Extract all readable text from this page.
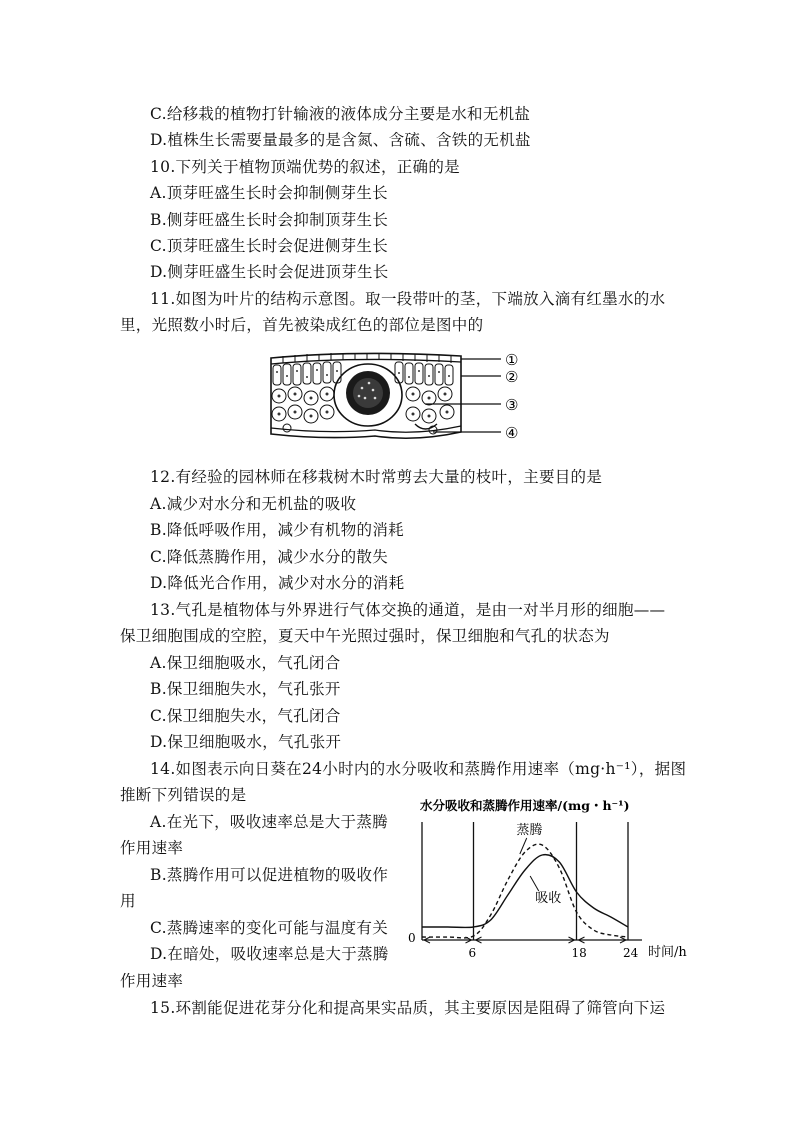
C.给移栽的植物打针输液的液体成分主要是水和无机盐
D.植株生长需要量最多的是含氮、含硫、含铁的无机盐
10.下列关于植物顶端优势的叙述，正确的是
A.顶芽旺盛生长时会抑制侧芽生长
B.侧芽旺盛生长时会抑制顶芽生长
C.顶芽旺盛生长时会促进侧芽生长
D.侧芽旺盛生长时会促进顶芽生长
11.如图为叶片的结构示意图。取一段带叶的茎，下端放入滴有红墨水的水
里，光照数小时后，首先被染成红色的部位是图中的
①
②
③
④
12.有经验的园林师在移栽树木时常剪去大量的枝叶，主要目的是
A.减少对水分和无机盐的吸收
B.降低呼吸作用，减少有机物的消耗
C.降低蒸腾作用，减少水分的散失
D.降低光合作用，减少对水分的消耗
13.气孔是植物体与外界进行气体交换的通道，是由一对半月形的细胞——
保卫细胞围成的空腔，夏天中午光照过强时，保卫细胞和气孔的状态为
A.保卫细胞吸水，气孔闭合
B.保卫细胞失水，气孔张开
C.保卫细胞失水，气孔闭合
D.保卫细胞吸水，气孔张开
14.如图表示向日葵在24小时内的水分吸收和蒸腾作用速率（mg·h⁻¹），据图
推断下列错误的是
A.在光下，吸收速率总是大于蒸腾
作用速率
B.蒸腾作用可以促进植物的吸收作
用
C.蒸腾速率的变化可能与温度有关
D.在暗处，吸收速率总是大于蒸腾
作用速率
水分吸收和蒸腾作用速率/(mg・h⁻¹)
蒸腾
吸收
0
6	18	24 时间/h
15.环割能促进花芽分化和提高果实品质，其主要原因是阻碍了筛管向下运
